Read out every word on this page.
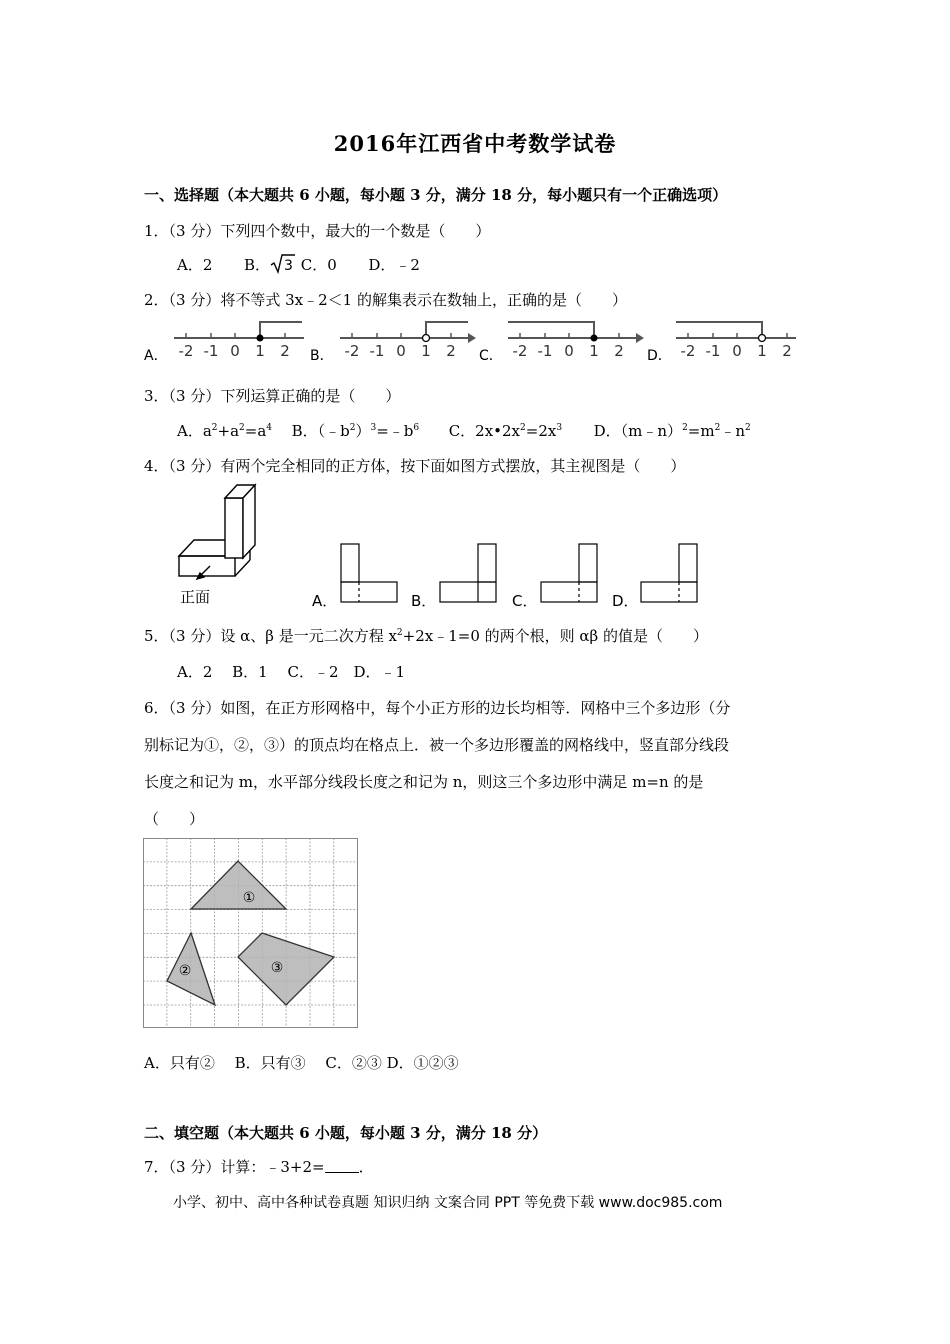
2016年江西省中考数学试卷
一、选择题（本大题共 6 小题，每小题 3 分，满分 18 分，每小题只有一个正确选项）
1．（3 分）下列四个数中，最大的一个数是（　　）
A．2 B． 3 C．0 D．﹣2
2．（3 分）将不等式 3x﹣2＜1 的解集表示在数轴上，正确的是（　　）
A． -2 -1 0 1 2 B． -2 -1 0 1 2 C． -2 -1 0 1 2 D． -2 -1 0 1 2
3．（3 分）下列运算正确的是（　　）
A．$a^2+a^2=a^4$ B．$(﹣b^2)^3=﹣b^6$ C．$2x•2x^2=2x^3$ D．$(m﹣n)^2=m^2﹣n^2$
4．（3 分）有两个完全相同的正方体，按下面如图方式摆放，其主视图是（　　）
正面	A．	B．	C．	D．
5．（3 分）设 α、β 是一元二次方程 $x^2+2x﹣1=0$ 的两个根，则 αβ 的值是（　　）
A．2　 B．1　 C．﹣2　D．﹣1
6．（3 分）如图，在正方形网格中，每个小正方形的边长均相等．网格中三个多边形（分
别标记为①，②，③）的顶点均在格点上．被一个多边形覆盖的网格线中，竖直部分线段
长度之和记为 m，水平部分线段长度之和记为 n，则这三个多边形中满足 m=n 的是
（　　）
①
②	③
A．只有②　 B．只有③　 C．②③ D．①②③
二、填空题（本大题共 6 小题，每小题 3 分，满分 18 分）
7．（3 分）计算：﹣3+2= ．
小学、初中、高中各种试卷真题 知识归纳 文案合同 PPT 等免费下载 www.doc985.com
